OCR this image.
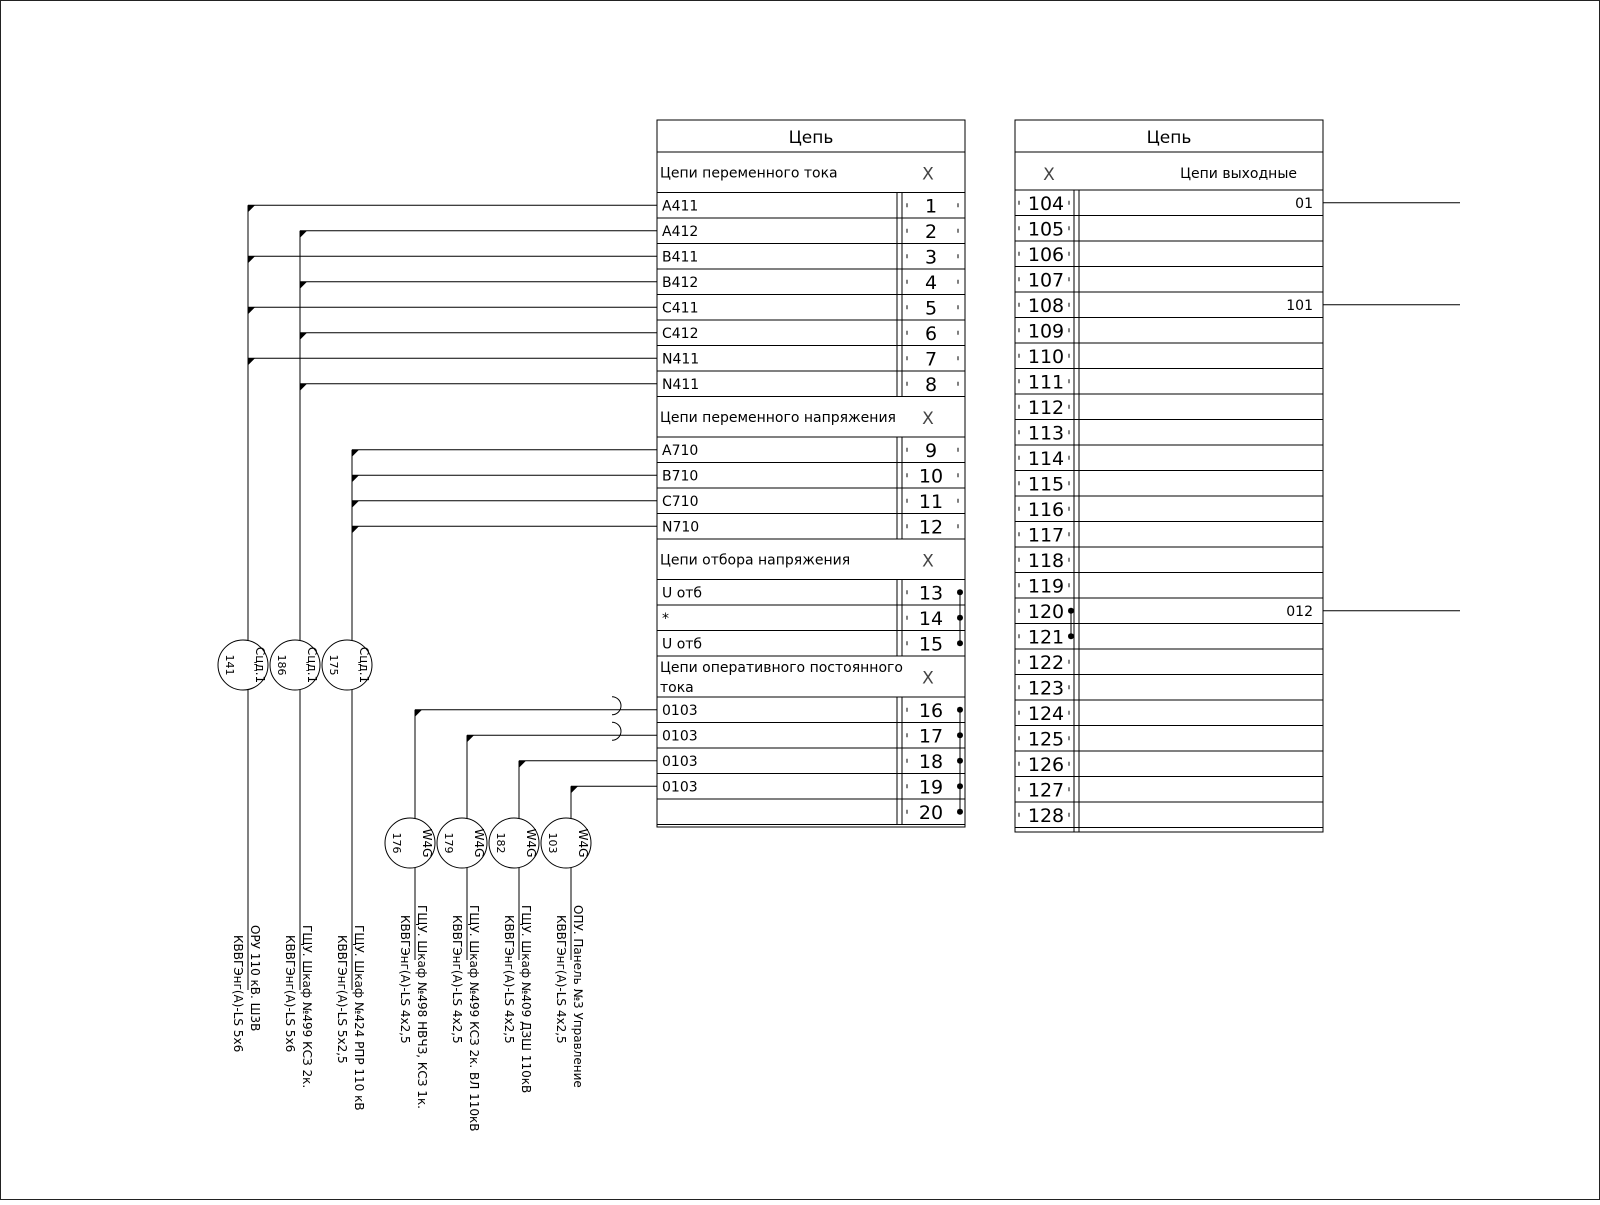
Цепь
Цепи переменного тока	X
A411	1
A412	2
B411	3
B412	4
C411	5
C412	6
N411	7
N411	8
Цепи переменного напряжения X
A710	9
B710	10
C710	11
N710	12
Цепи отбора напряжения	X
U отб	13
*	14
U отб	15
Цепи оперативного постоянного
тока	X
0103	16
0103	17
0103	18
0103	19
20
Цепь
X	Цепи выходные
104	01
105
106
107
108	101
109
110
111
112
113
114
115
116
117
118
119
120	012
121
122
123
124
125
126
127
128
Сцд.1
141
ОРУ 110 кВ. Ш3В
КВВГЭнг(А)-LS 5х6
Сцд.1
186
ГЩУ. Шкаф №499 КСЗ 2к.
КВВГЭнг(А)-LS 5х6
Сцд.1
175
ГЩУ. Шкаф №424 РПР 110 кВ
КВВГЭнг(А)-LS 5х2,5
W4G
176
ГЩУ. Шкаф №498 НВЧЗ, КСЗ 1к.
КВВГЭнг(А)-LS 4х2,5
W4G
179
ГЩУ. Шкаф №499 КСЗ 2к. ВЛ 110кВ
КВВГЭнг(А)-LS 4х2,5
W4G
182
ГЩУ. Шкаф №409 ДЗШ 110кВ
КВВГЭнг(А)-LS 4х2,5
W4G
103
ОПУ. Панель №3 Управление
КВВГЭнг(А)-LS 4х2,5
